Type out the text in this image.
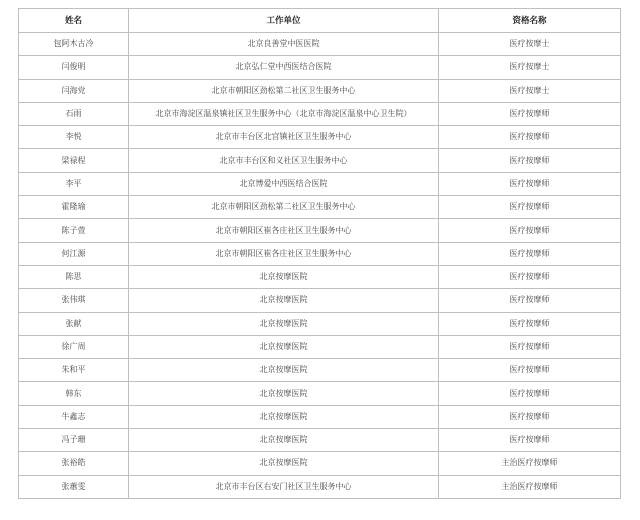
姓名	工作单位	资格名称
包阿木古冷	北京良善堂中医医院	医疗按摩士
闫俊明	北京弘仁堂中西医结合医院	医疗按摩士
闫海党	北京市朝阳区劲松第二社区卫生服务中心	医疗按摩士
石雨	北京市海淀区温泉镇社区卫生服务中心（北京市海淀区温泉中心卫生院）	医疗按摩师
李悦	北京市丰台区北宫镇社区卫生服务中心	医疗按摩师
梁禄程	北京市丰台区和义社区卫生服务中心	医疗按摩师
李平	北京博爱中西医结合医院	医疗按摩师
霍隆瑜	北京市朝阳区劲松第二社区卫生服务中心	医疗按摩师
陈子萱	北京市朝阳区崔各庄社区卫生服务中心	医疗按摩师
何江源	北京市朝阳区崔各庄社区卫生服务中心	医疗按摩师
陈思	北京按摩医院	医疗按摩师
张伟琪	北京按摩医院	医疗按摩师
张献	北京按摩医院	医疗按摩师
徐广周	北京按摩医院	医疗按摩师
朱和平	北京按摩医院	医疗按摩师
韩东	北京按摩医院	医疗按摩师
牛鑫志	北京按摩医院	医疗按摩师
冯子珊	北京按摩医院	医疗按摩师
张裕皓	北京按摩医院	主治医疗按摩师
张蕙雯	北京市丰台区右安门社区卫生服务中心	主治医疗按摩师
